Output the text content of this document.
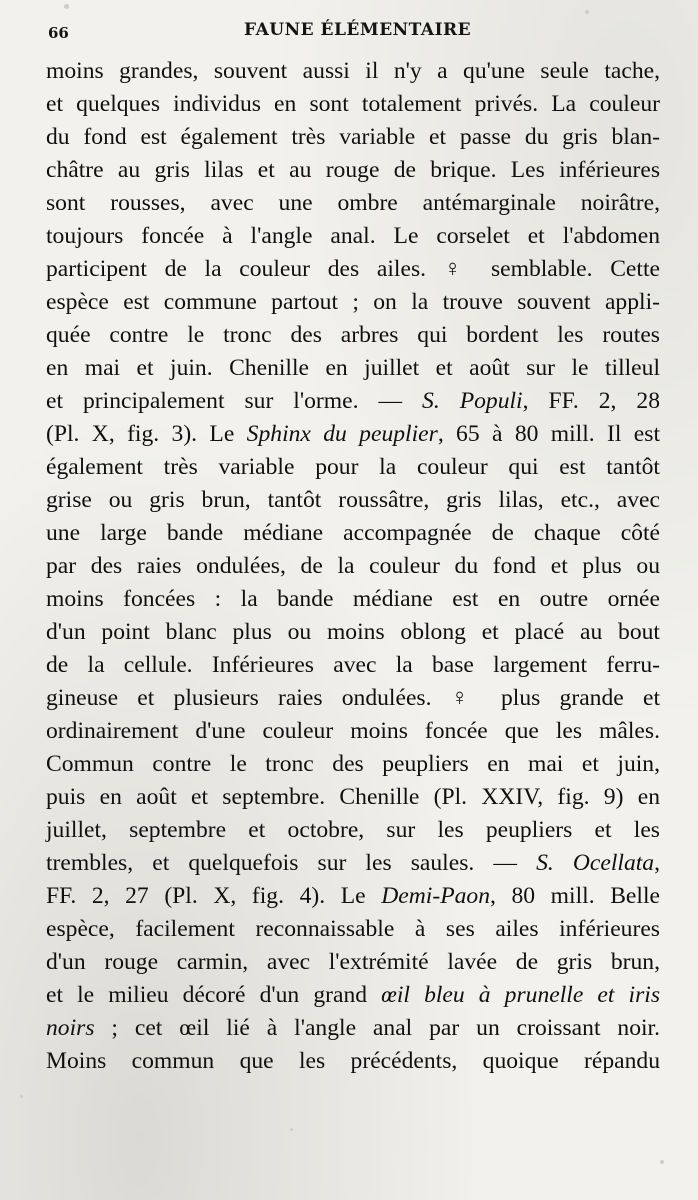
66	FAUNE ÉLÉMENTAIRE
moins grandes, souvent aussi il n'y a qu'une seule tache,
et quelques individus en sont totalement privés. La couleur
du fond est également très variable et passe du gris blan-
châtre au gris lilas et au rouge de brique. Les inférieures
sont rousses, avec une ombre antémarginale noirâtre,
toujours foncée à l'angle anal. Le corselet et l'abdomen
participent de la couleur des ailes. ♀ semblable. Cette
espèce est commune partout ; on la trouve souvent appli-
quée contre le tronc des arbres qui bordent les routes
en mai et juin. Chenille en juillet et août sur le tilleul
et principalement sur l'orme. — S. Populi, FF. 2, 28
(Pl. X, fig. 3). Le Sphinx du peuplier, 65 à 80 mill. Il est
également très variable pour la couleur qui est tantôt
grise ou gris brun, tantôt roussâtre, gris lilas, etc., avec
une large bande médiane accompagnée de chaque côté
par des raies ondulées, de la couleur du fond et plus ou
moins foncées : la bande médiane est en outre ornée
d'un point blanc plus ou moins oblong et placé au bout
de la cellule. Inférieures avec la base largement ferru-
gineuse et plusieurs raies ondulées. ♀ plus grande et
ordinairement d'une couleur moins foncée que les mâles.
Commun contre le tronc des peupliers en mai et juin,
puis en août et septembre. Chenille (Pl. XXIV, fig. 9) en
juillet, septembre et octobre, sur les peupliers et les
trembles, et quelquefois sur les saules. — S. Ocellata,
FF. 2, 27 (Pl. X, fig. 4). Le Demi-Paon, 80 mill. Belle
espèce, facilement reconnaissable à ses ailes inférieures
d'un rouge carmin, avec l'extrémité lavée de gris brun,
et le milieu décoré d'un grand œil bleu à prunelle et iris
noirs ; cet œil lié à l'angle anal par un croissant noir.
Moins commun que les précédents, quoique répandu
